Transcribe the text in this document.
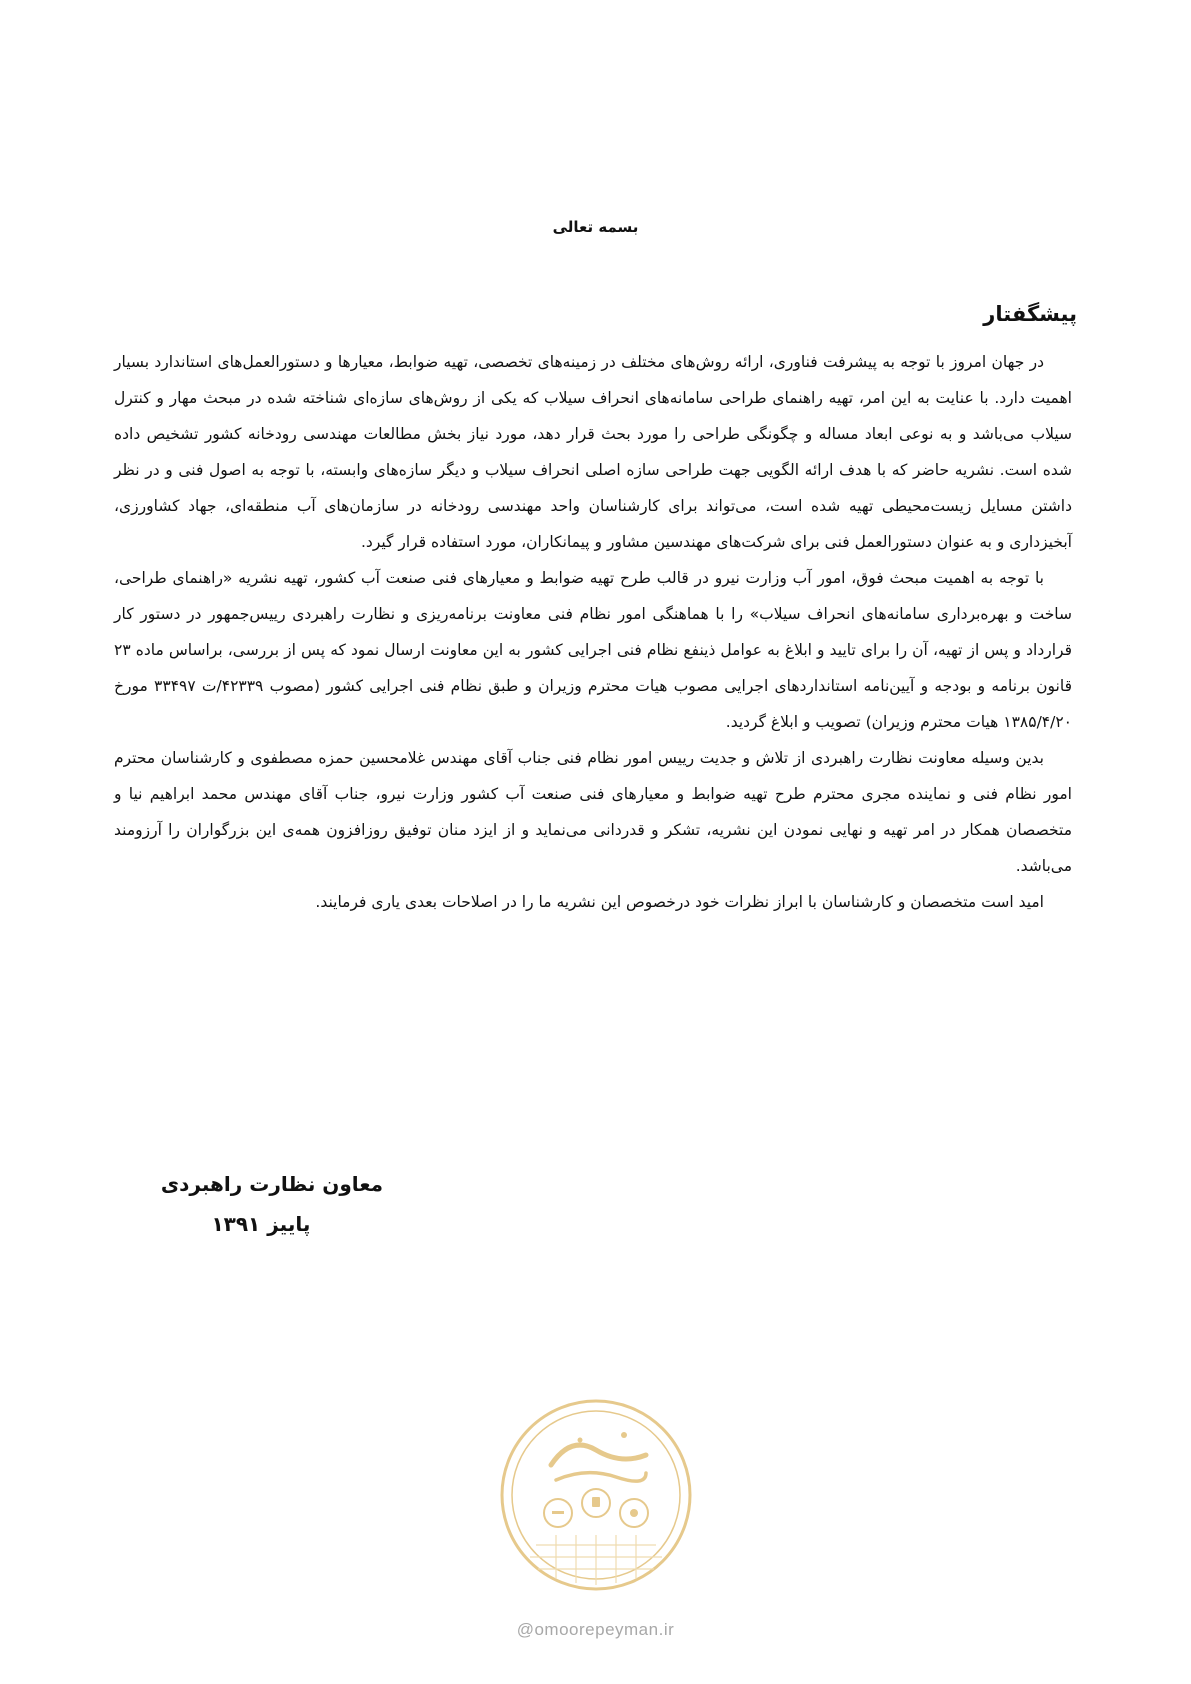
بسمه تعالی
پیشگفتار

در جهان امروز با توجه به پیشرفت فناوری، ارائه روش‌های مختلف در زمینه‌های تخصصی، تهیه ضوابط، معیارها و دستورالعمل‌های استاندارد بسیار اهمیت دارد. با عنایت به این امر، تهیه راهنمای طراحی سامانه‌های انحراف سیلاب که یکی از روش‌های سازه‌ای شناخته شده در مبحث مهار و کنترل سیلاب می‌باشد و به نوعی ابعاد مساله و چگونگی طراحی را مورد بحث قرار دهد، مورد نیاز بخش مطالعات مهندسی رودخانه کشور تشخیص داده شده است. نشریه حاضر که با هدف ارائه الگویی جهت طراحی سازه اصلی انحراف سیلاب و دیگر سازه‌های وابسته، با توجه به اصول فنی و در نظر داشتن مسایل زیست‌محیطی تهیه شده است، می‌تواند برای کارشناسان واحد مهندسی رودخانه در سازمان‌های آب منطقه‌ای، جهاد کشاورزی، آبخیزداری و به عنوان دستورالعمل فنی برای شرکت‌های مهندسین مشاور و پیمانکاران، مورد استفاده قرار گیرد.

با توجه به اهمیت مبحث فوق، امور آب وزارت نیرو در قالب طرح تهیه ضوابط و معیارهای فنی صنعت آب کشور، تهیه نشریه «راهنمای طراحی، ساخت و بهره‌برداری سامانه‌های انحراف سیلاب» را با هماهنگی امور نظام فنی معاونت برنامه‌ریزی و نظارت راهبردی رییس‌جمهور در دستور کار قرارداد و پس از تهیه، آن را برای تایید و ابلاغ به عوامل ذینفع نظام فنی اجرایی کشور به این معاونت ارسال نمود که پس از بررسی، براساس ماده ۲۳ قانون برنامه و بودجه و آیین‌نامه استانداردهای اجرایی مصوب هیات محترم وزیران و طبق نظام فنی اجرایی کشور (مصوب ۴۲۳۳۹/ت ۳۳۴۹۷ مورخ ۱۳۸۵/۴/۲۰ هیات محترم وزیران) تصویب و ابلاغ گردید.

بدین وسیله معاونت نظارت راهبردی از تلاش و جدیت رییس امور نظام فنی جناب آقای مهندس غلامحسین حمزه مصطفوی و کارشناسان محترم امور نظام فنی و نماینده مجری محترم طرح تهیه ضوابط و معیارهای فنی صنعت آب کشور وزارت نیرو، جناب آقای مهندس محمد ابراهیم نیا و متخصصان همکار در امر تهیه و نهایی نمودن این نشریه، تشکر و قدردانی می‌نماید و از ایزد منان توفیق روزافزون همه‌ی این بزرگواران را آرزومند می‌باشد.

امید است متخصصان و کارشناسان با ابراز نظرات خود درخصوص این نشریه ما را در اصلاحات بعدی یاری فرمایند.

معاون نظارت راهبردی
پاییز ۱۳۹۱
@omoorepeyman.ir
